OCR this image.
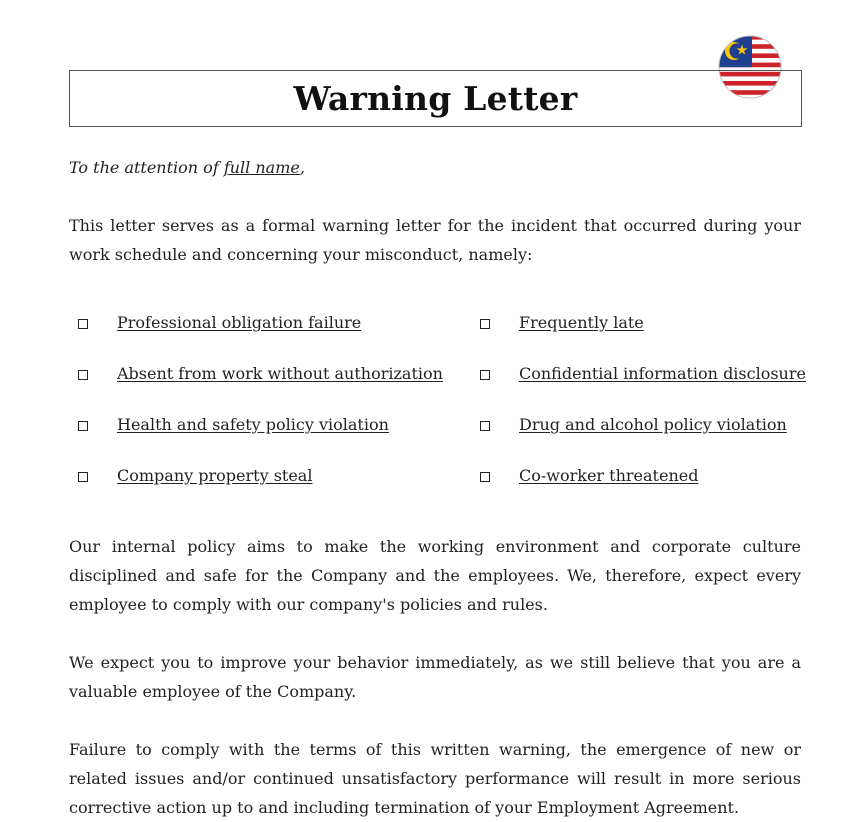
Warning Letter
To the attention of full name,

This letter serves as a formal warning letter for the incident that occurred during your work schedule and concerning your misconduct, namely:

Professional obligation failure	Frequently late
Absent from work without authorization	Confidential information disclosure
Health and safety policy violation	Drug and alcohol policy violation
Company property steal	Co-worker threatened

Our internal policy aims to make the working environment and corporate culture disciplined and safe for the Company and the employees. We, therefore, expect every employee to comply with our company's policies and rules.

We expect you to improve your behavior immediately, as we still believe that you are a valuable employee of the Company.

Failure to comply with the terms of this written warning, the emergence of new or related issues and/or continued unsatisfactory performance will result in more serious corrective action up to and including termination of your Employment Agreement.
